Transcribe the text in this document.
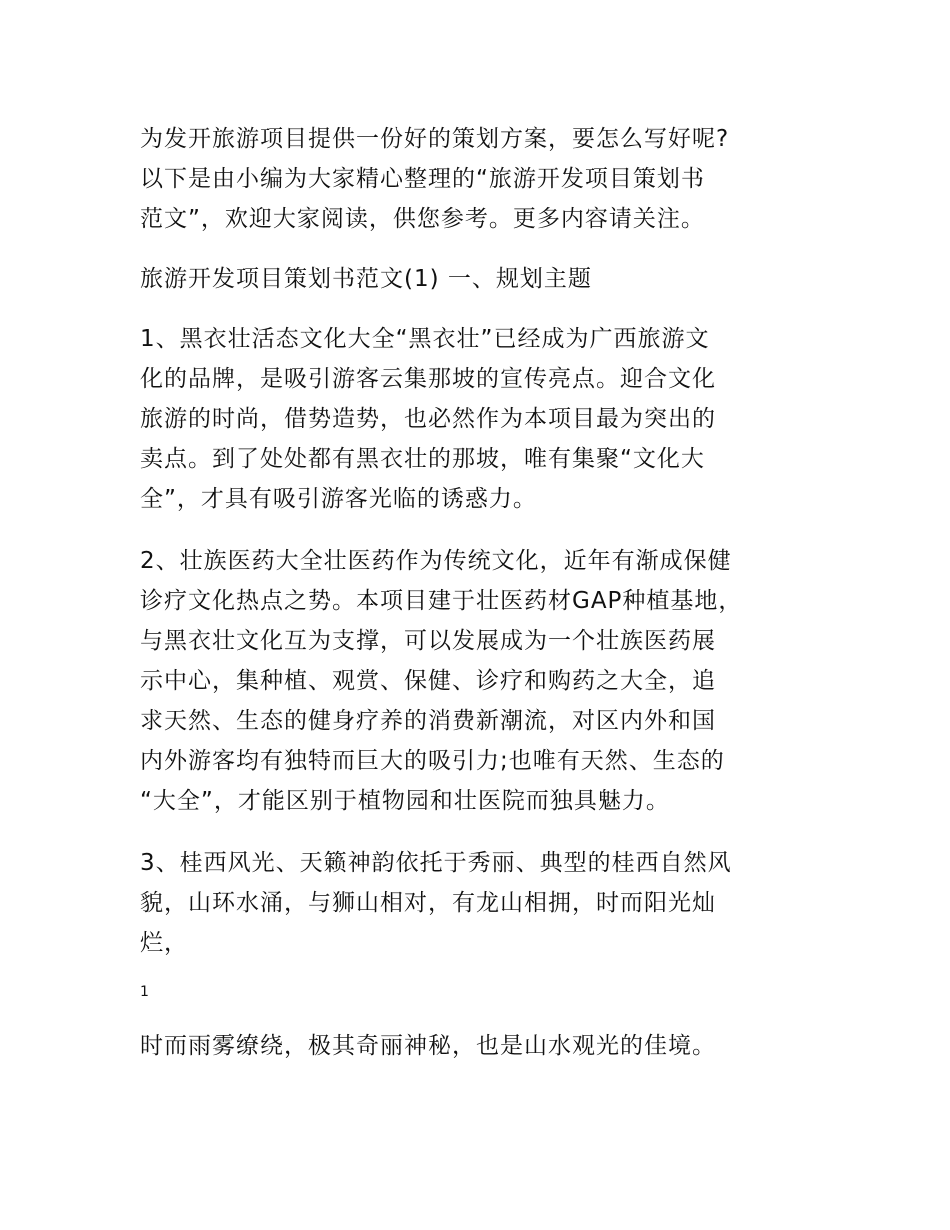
为发开旅游项目提供一份好的策划方案，要怎么写好呢?
以下是由小编为大家精心整理的“旅游开发项目策划书
范文”，欢迎大家阅读，供您参考。更多内容请关注。
旅游开发项目策划书范文(1) 一、规划主题
1、黑衣壮活态文化大全“黑衣壮”已经成为广西旅游文
化的品牌，是吸引游客云集那坡的宣传亮点。迎合文化
旅游的时尚，借势造势，也必然作为本项目最为突出的
卖点。到了处处都有黑衣壮的那坡，唯有集聚“文化大
全”，才具有吸引游客光临的诱惑力。
2、壮族医药大全壮医药作为传统文化，近年有渐成保健
诊疗文化热点之势。本项目建于壮医药材GAP种植基地，
与黑衣壮文化互为支撑，可以发展成为一个壮族医药展
示中心，集种植、观赏、保健、诊疗和购药之大全，追
求天然、生态的健身疗养的消费新潮流，对区内外和国
内外游客均有独特而巨大的吸引力;也唯有天然、生态的
“大全”，才能区别于植物园和壮医院而独具魅力。
3、桂西风光、天籁神韵依托于秀丽、典型的桂西自然风
貌，山环水涌，与狮山相对，有龙山相拥，时而阳光灿
烂，
1
时而雨雾缭绕，极其奇丽神秘，也是山水观光的佳境。
